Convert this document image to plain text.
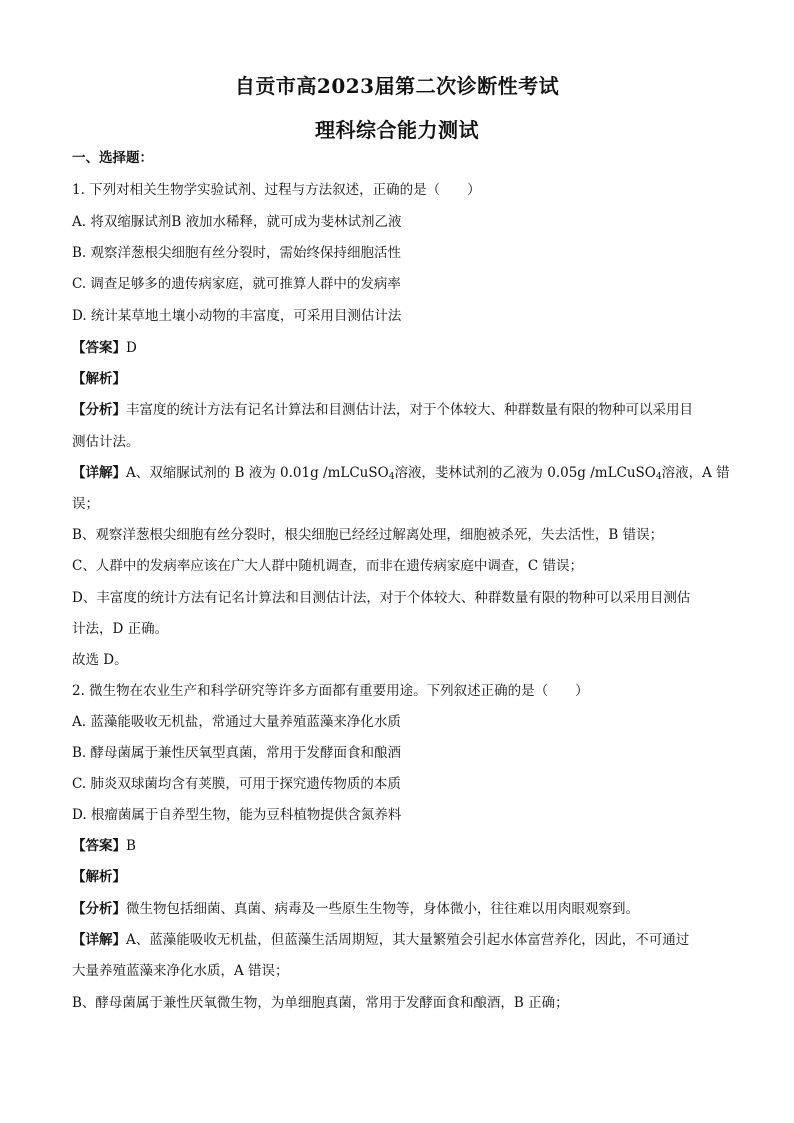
自贡市高2023届第二次诊断性考试
理科综合能力测试
一、选择题：
1. 下列对相关生物学实验试剂、过程与方法叙述，正确的是（　　）
A. 将双缩脲试剂B 液加水稀释，就可成为斐林试剂乙液
B. 观察洋葱根尖细胞有丝分裂时，需始终保持细胞活性
C. 调查足够多的遗传病家庭，就可推算人群中的发病率
D. 统计某草地土壤小动物的丰富度，可采用目测估计法
【答案】D
【解析】
【分析】丰富度的统计方法有记名计算法和目测估计法，对于个体较大、种群数量有限的物种可以采用目
测估计法。
【详解】A、双缩脲试剂的 B 液为 0.01g /mLCuSO$_4$溶液，斐林试剂的乙液为 0.05g /mLCuSO$_4$溶液，A 错
误；
B、观察洋葱根尖细胞有丝分裂时，根尖细胞已经经过解离处理，细胞被杀死，失去活性，B 错误；
C、人群中的发病率应该在广大人群中随机调查，而非在遗传病家庭中调查，C 错误；
D、丰富度的统计方法有记名计算法和目测估计法，对于个体较大、种群数量有限的物种可以采用目测估
计法，D 正确。
故选 D。
2. 微生物在农业生产和科学研究等许多方面都有重要用途。下列叙述正确的是（　　）
A. 蓝藻能吸收无机盐，常通过大量养殖蓝藻来净化水质
B. 酵母菌属于兼性厌氧型真菌，常用于发酵面食和酿酒
C. 肺炎双球菌均含有荚膜，可用于探究遗传物质的本质
D. 根瘤菌属于自养型生物，能为豆科植物提供含氮养料
【答案】B
【解析】
【分析】微生物包括细菌、真菌、病毒及一些原生生物等，身体微小，往往难以用肉眼观察到。
【详解】A、蓝藻能吸收无机盐，但蓝藻生活周期短，其大量繁殖会引起水体富营养化，因此，不可通过
大量养殖蓝藻来净化水质，A 错误；
B、酵母菌属于兼性厌氧微生物，为单细胞真菌，常用于发酵面食和酿酒，B 正确；
